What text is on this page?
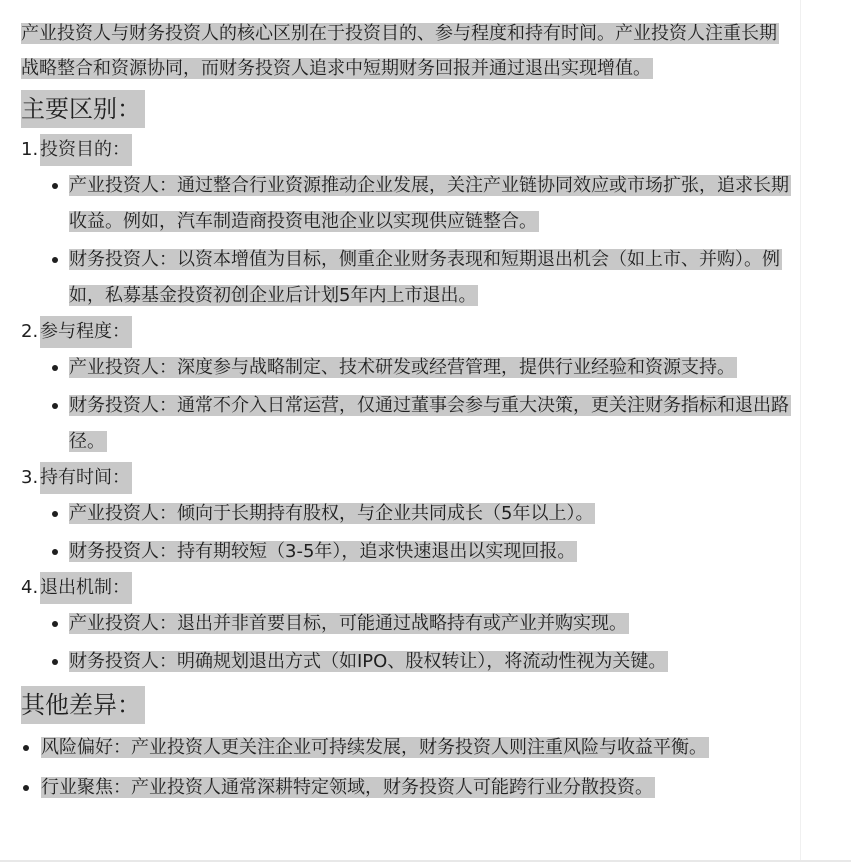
产业投资人与财务投资人的核心区别在于投资目的、参与程度和持有时间。产业投资人注重长期战略整合和资源协同，而财务投资人追求中短期财务回报并通过退出实现增值。

主要区别：
1. 投资目的：
产业投资人：通过整合行业资源推动企业发展，关注产业链协同效应或市场扩张，追求长期收益。例如，汽车制造商投资电池企业以实现供应链整合。
财务投资人：以资本增值为目标，侧重企业财务表现和短期退出机会（如上市、并购）。例如，私募基金投资初创企业后计划5年内上市退出。
2. 参与程度：
产业投资人：深度参与战略制定、技术研发或经营管理，提供行业经验和资源支持。
财务投资人：通常不介入日常运营，仅通过董事会参与重大决策，更关注财务指标和退出路径。
3. 持有时间：
产业投资人：倾向于长期持有股权，与企业共同成长（5年以上）。
财务投资人：持有期较短（3-5年），追求快速退出以实现回报。
4. 退出机制：
产业投资人：退出并非首要目标，可能通过战略持有或产业并购实现。
财务投资人：明确规划退出方式（如IPO、股权转让），将流动性视为关键。
其他差异：
风险偏好：产业投资人更关注企业可持续发展，财务投资人则注重风险与收益平衡。
行业聚焦：产业投资人通常深耕特定领域，财务投资人可能跨行业分散投资。
